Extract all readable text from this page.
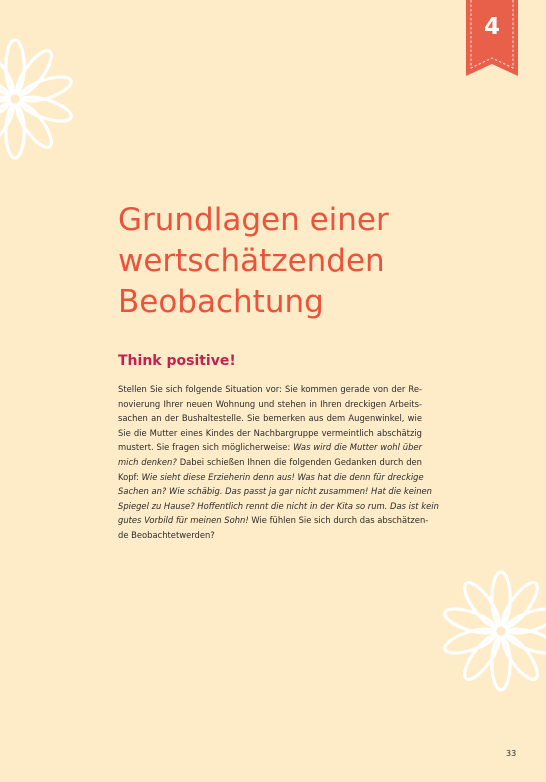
4
Grundlagen einer
wertschätzenden
Beobachtung
Think positive!
Stellen Sie sich folgende Situation vor: Sie kommen gerade von der Re-
novierung Ihrer neuen Wohnung und stehen in Ihren dreckigen Arbeits-
sachen an der Bushaltestelle. Sie bemerken aus dem Augenwinkel, wie
Sie die Mutter eines Kindes der Nachbargruppe vermeintlich abschätzig
mustert. Sie fragen sich möglicherweise: Was wird die Mutter wohl über
mich denken? Dabei schießen Ihnen die folgenden Gedanken durch den
Kopf: Wie sieht diese Erzieherin denn aus! Was hat die denn für dreckige
Sachen an? Wie schäbig. Das passt ja gar nicht zusammen! Hat die keinen
Spiegel zu Hause? Hoffentlich rennt die nicht in der Kita so rum. Das ist kein
gutes Vorbild für meinen Sohn! Wie fühlen Sie sich durch das abschätzen-
de Beobachtetwerden?
33
